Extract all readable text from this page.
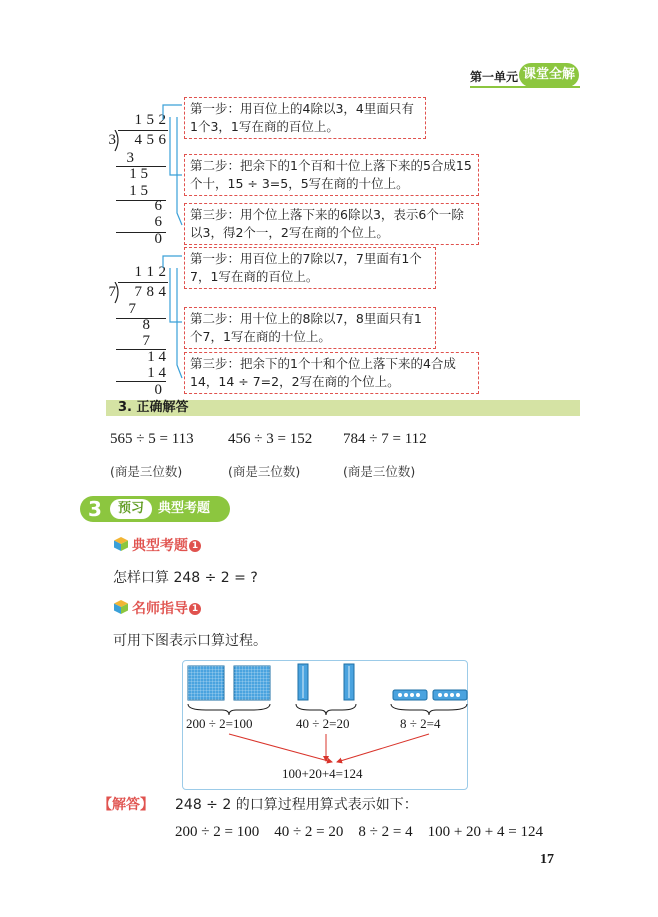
第一单元 课堂全解
1 5 2
3	4 5 6
3
1 5
1 5
6
6
0
第一步：用百位上的4除以3，4里面只有1个3，1写在商的百位上。
第二步：把余下的1个百和十位上落下来的5合成15个十，15 ÷ 3=5，5写在商的十位上。
第三步：用个位上落下来的6除以3，表示6个一除以3，得2个一，2写在商的个位上。
1 1 2
7	7 8 4
7
8
7
1 4
1 4
0
第一步：用百位上的7除以7，7里面有1个7，1写在商的百位上。
第二步：用十位上的8除以7，8里面只有1个7，1写在商的十位上。
第三步：把余下的1个十和个位上落下来的4合成14，14 ÷ 7=2，2写在商的个位上。
3. 正确解答
565 ÷ 5 = 113 456 ÷ 3 = 152 784 ÷ 7 = 112
(商是三位数)	(商是三位数)	(商是三位数)
3	预习	典型考题
典型考题 1
怎样口算 248 ÷ 2 = ?
名师指导 1
可用下图表示口算过程。
200 ÷ 2=100	40 ÷ 2=20	8 ÷ 2=4
100+20+4=124
【解答】 248 ÷ 2 的口算过程用算式表示如下：
200 ÷ 2 = 100    40 ÷ 2 = 20    8 ÷ 2 = 4    100 + 20 + 4 = 124
17
